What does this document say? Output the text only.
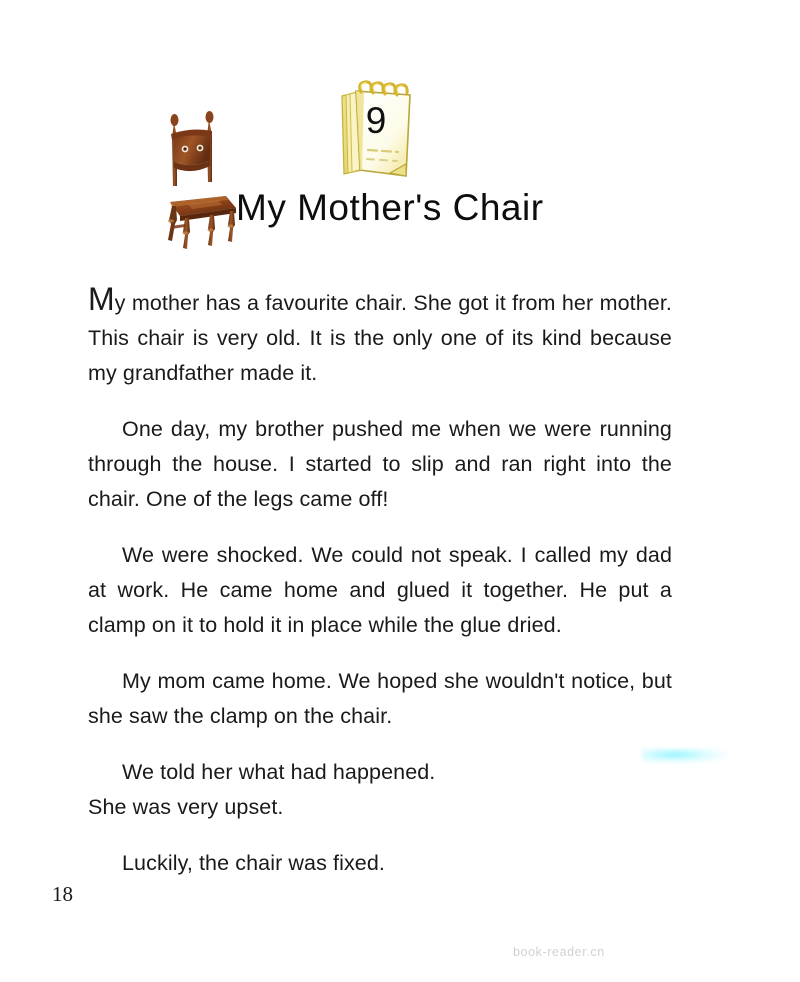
9
My Mother's Chair

My mother has a favourite chair. She got it from her mother. This chair is very old. It is the only one of its kind because my grandfather made it.

One day, my brother pushed me when we were running through the house. I started to slip and ran right into the chair. One of the legs came off!

We were shocked. We could not speak. I called my dad at work. He came home and glued it together. He put a clamp on it to hold it in place while the glue dried.

My mom came home. We hoped she wouldn't notice, but she saw the clamp on the chair.

We told her what had happened.
She was very upset.

Luckily, the chair was fixed.

18
book-reader.cn
